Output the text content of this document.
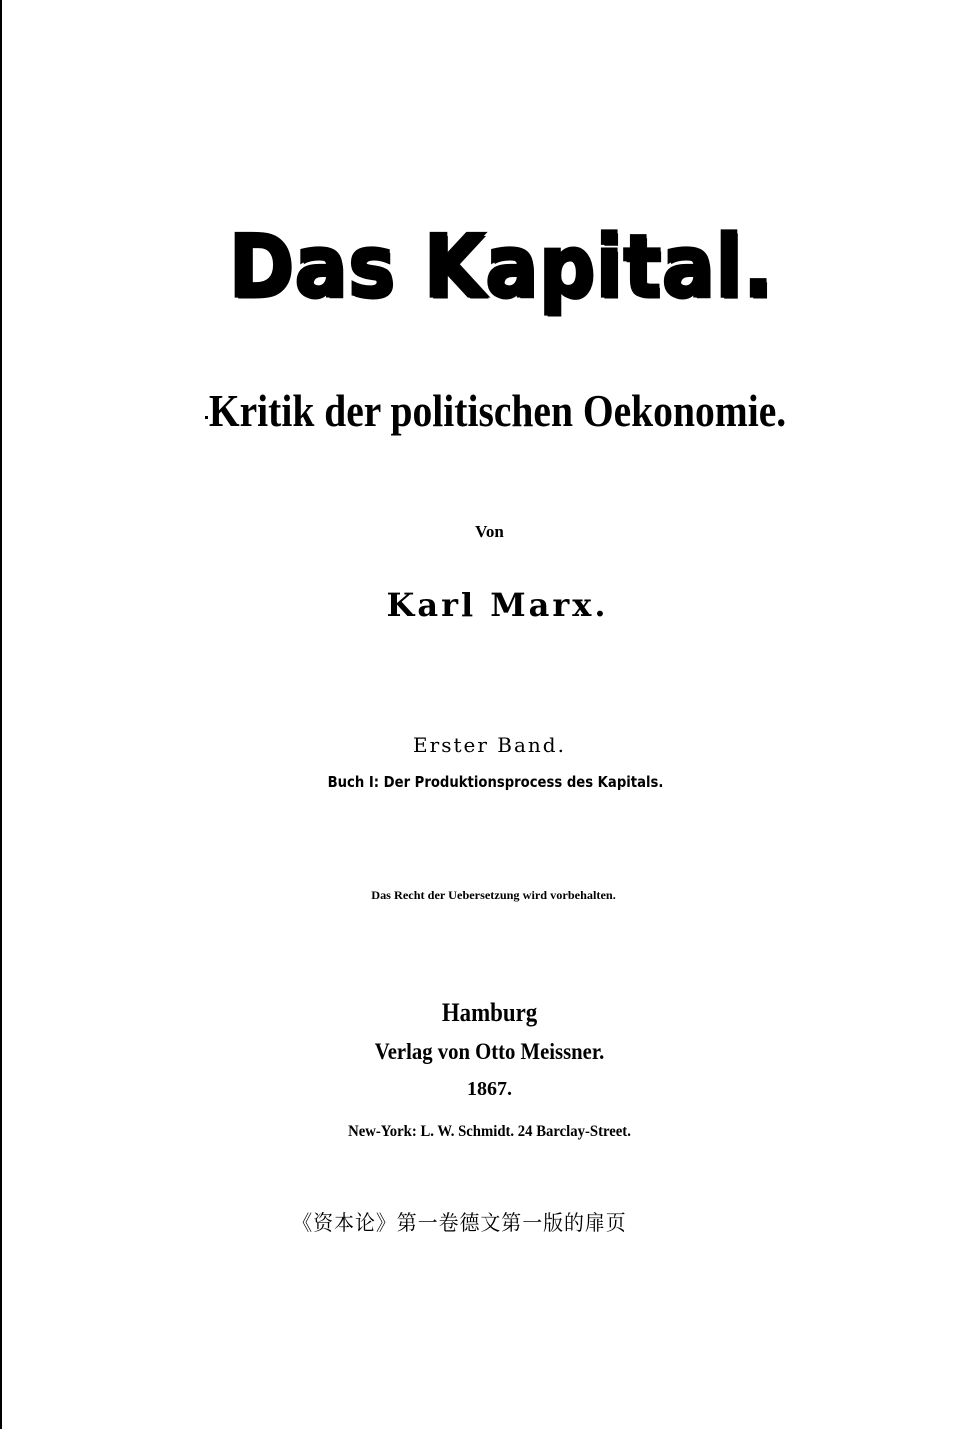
Das Kapital.
Kritik der politischen Oekonomie.
Von
Karl Marx.
Erster Band.
Buch I: Der Produktionsprocess des Kapitals.
Das Recht der Uebersetzung wird vorbehalten.
Hamburg
Verlag von Otto Meissner.
1867.
New-York: L. W. Schmidt. 24 Barclay-Street.
《资本论》第一卷德文第一版的扉页
